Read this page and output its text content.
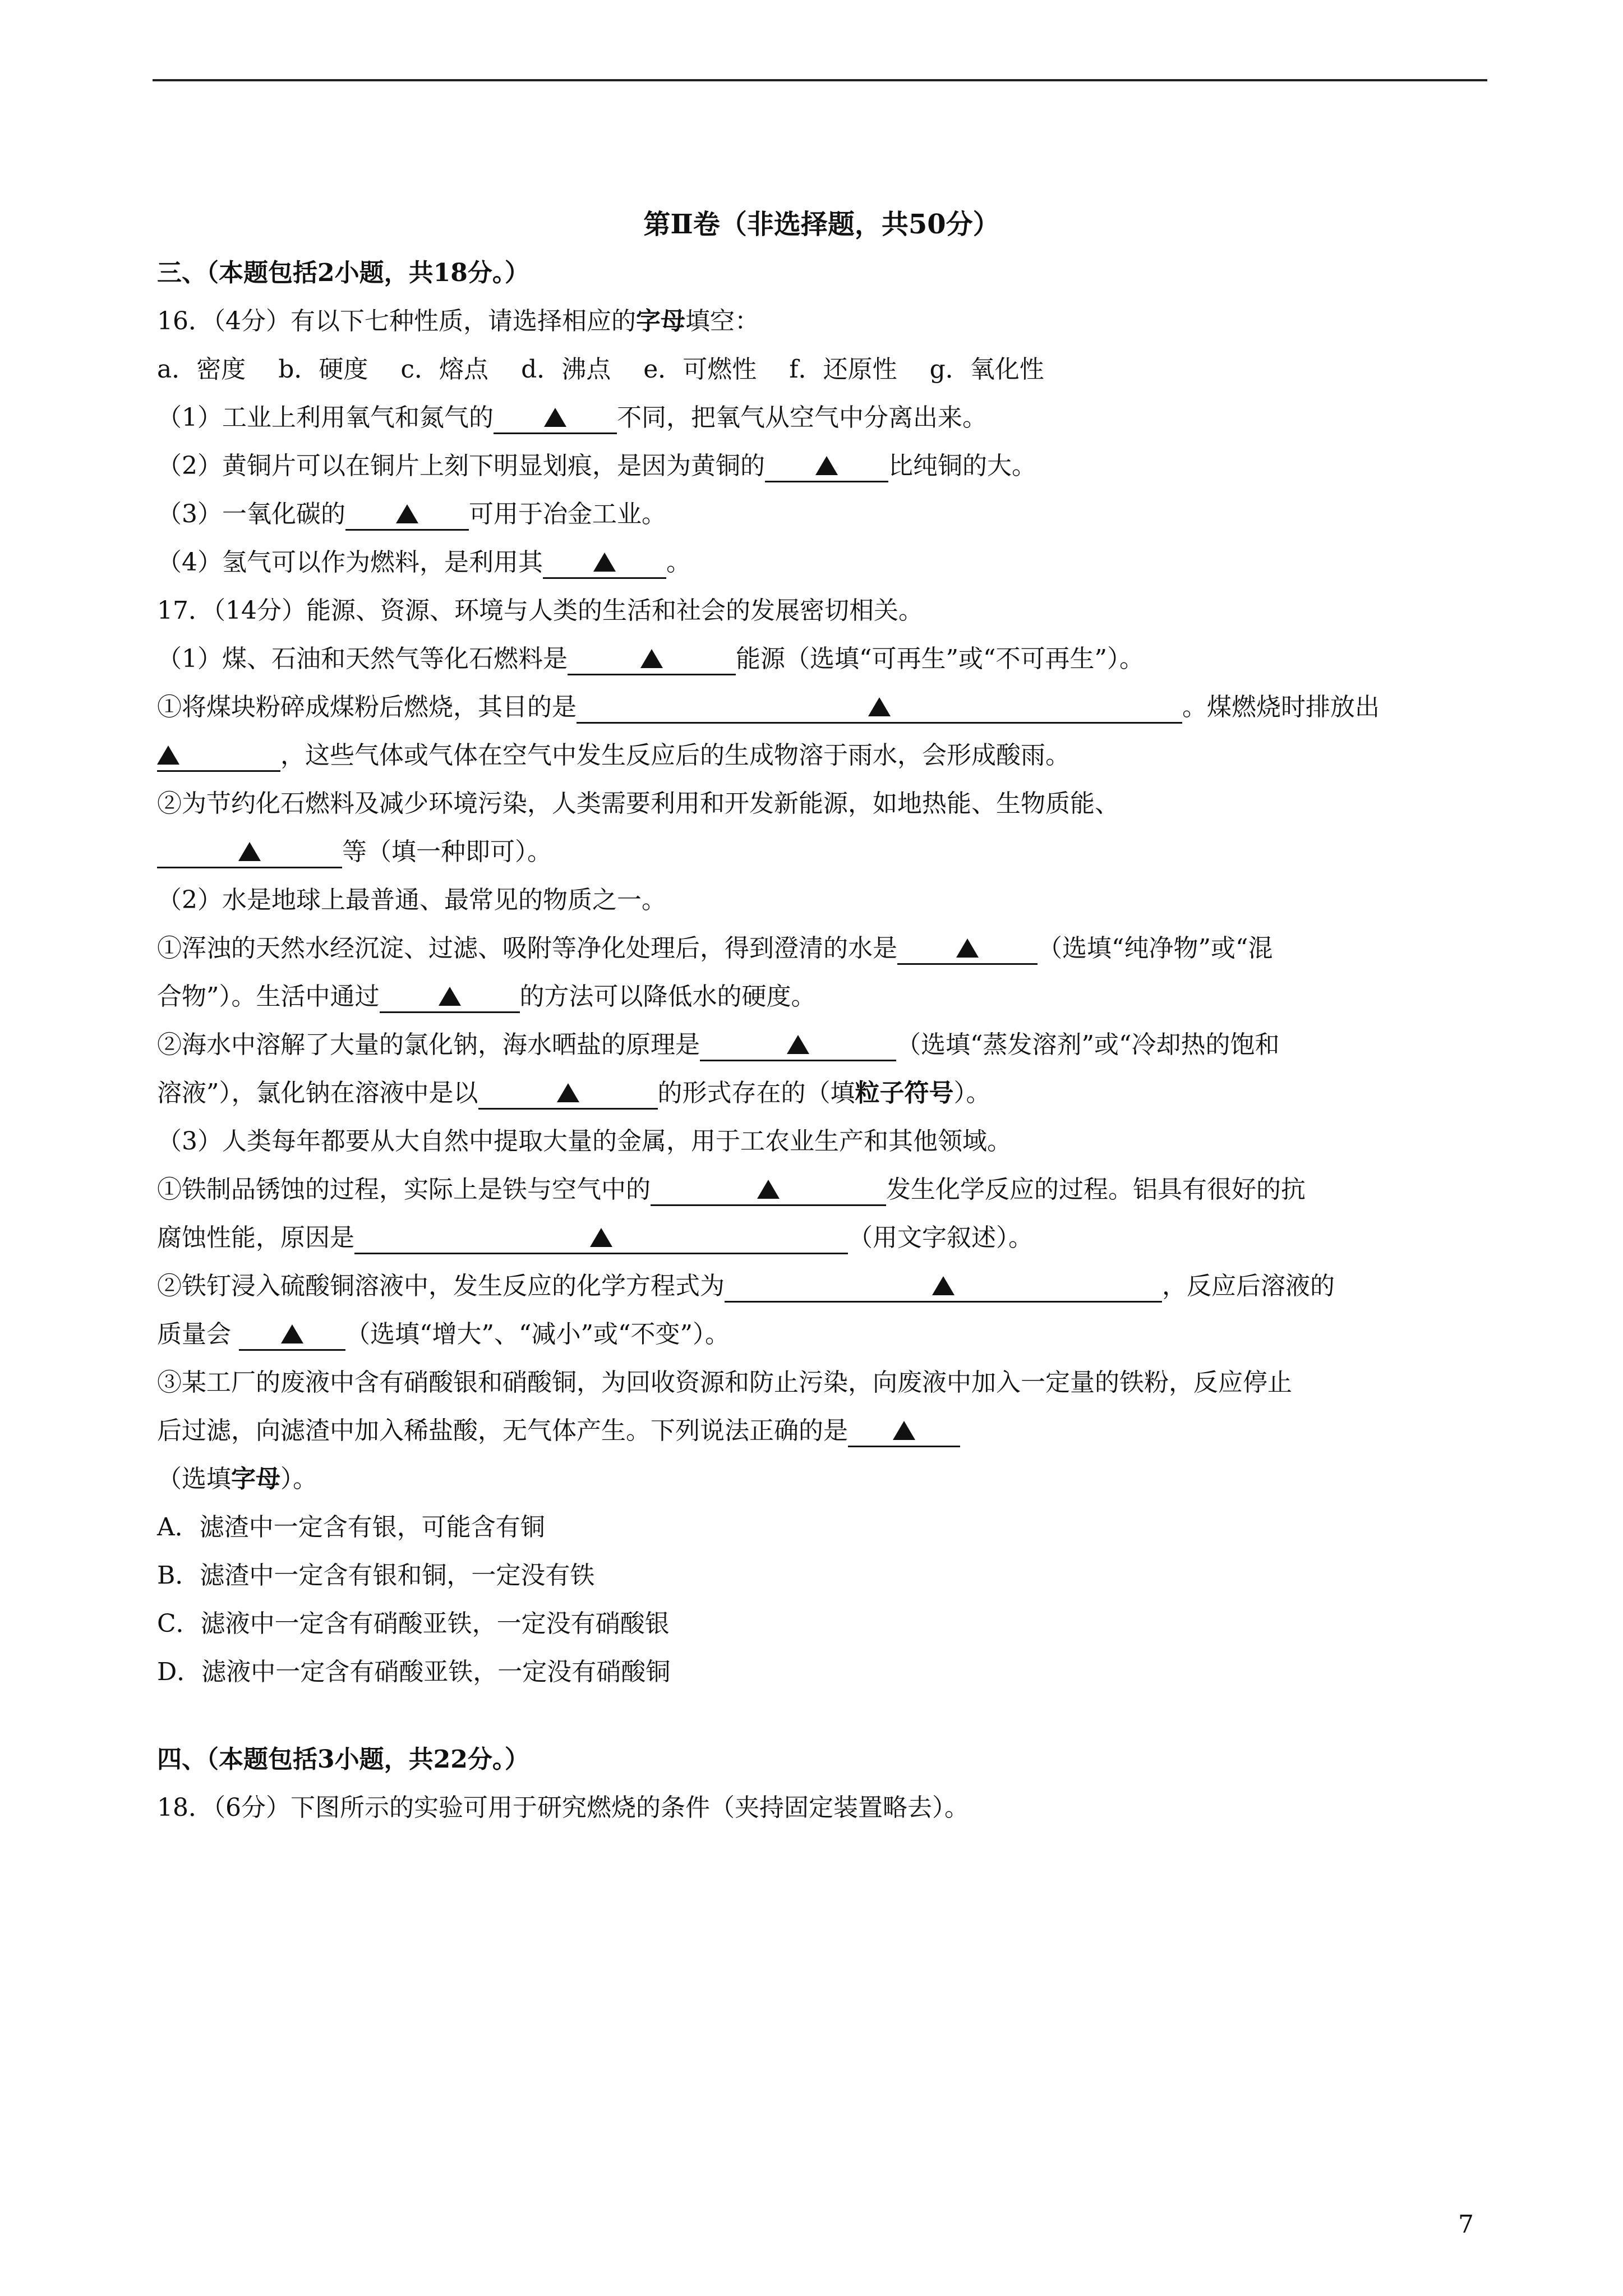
第Ⅱ卷（非选择题，共50分）
三、（本题包括2小题，共18分。）
16．（4分）有以下七种性质，请选择相应的字母填空：
a．密度 b．硬度 c．熔点 d．沸点 e．可燃性 f．还原性 g．氧化性
（1）工业上利用氧气和氮气的	不同，把氧气从空气中分离出来。
（2）黄铜片可以在铜片上刻下明显划痕，是因为黄铜的	比纯铜的大。
（3）一氧化碳的	可用于冶金工业。
（4）氢气可以作为燃料，是利用其	。
17．（14分）能源、资源、环境与人类的生活和社会的发展密切相关。
（1）煤、石油和天然气等化石燃料是	能源（选填“可再生”或“不可再生”）。
①将煤块粉碎成煤粉后燃烧，其目的是	。煤燃烧时排放出
，这些气体或气体在空气中发生反应后的生成物溶于雨水，会形成酸雨。
②为节约化石燃料及减少环境污染，人类需要利用和开发新能源，如地热能、生物质能、
等（填一种即可）。
（2）水是地球上最普通、最常见的物质之一。
①浑浊的天然水经沉淀、过滤、吸附等净化处理后，得到澄清的水是	（选填“纯净物”或“混
合物”）。生活中通过	的方法可以降低水的硬度。
②海水中溶解了大量的氯化钠，海水晒盐的原理是	（选填“蒸发溶剂”或“冷却热的饱和
溶液”），氯化钠在溶液中是以	的形式存在的（填粒子符号）。
（3）人类每年都要从大自然中提取大量的金属，用于工农业生产和其他领域。
①铁制品锈蚀的过程，实际上是铁与空气中的	发生化学反应的过程。铝具有很好的抗
腐蚀性能，原因是	（用文字叙述）。
②铁钉浸入硫酸铜溶液中，发生反应的化学方程式为	，反应后溶液的
质量会	（选填“增大”、“减小”或“不变”）。
③某工厂的废液中含有硝酸银和硝酸铜，为回收资源和防止污染，向废液中加入一定量的铁粉，反应停止
后过滤，向滤渣中加入稀盐酸，无气体产生。下列说法正确的是
（选填字母）。
A．滤渣中一定含有银，可能含有铜
B．滤渣中一定含有银和铜，一定没有铁
C．滤液中一定含有硝酸亚铁，一定没有硝酸银
D．滤液中一定含有硝酸亚铁，一定没有硝酸铜
四、（本题包括3小题，共22分。）
18．（6分）下图所示的实验可用于研究燃烧的条件（夹持固定装置略去）。
7
